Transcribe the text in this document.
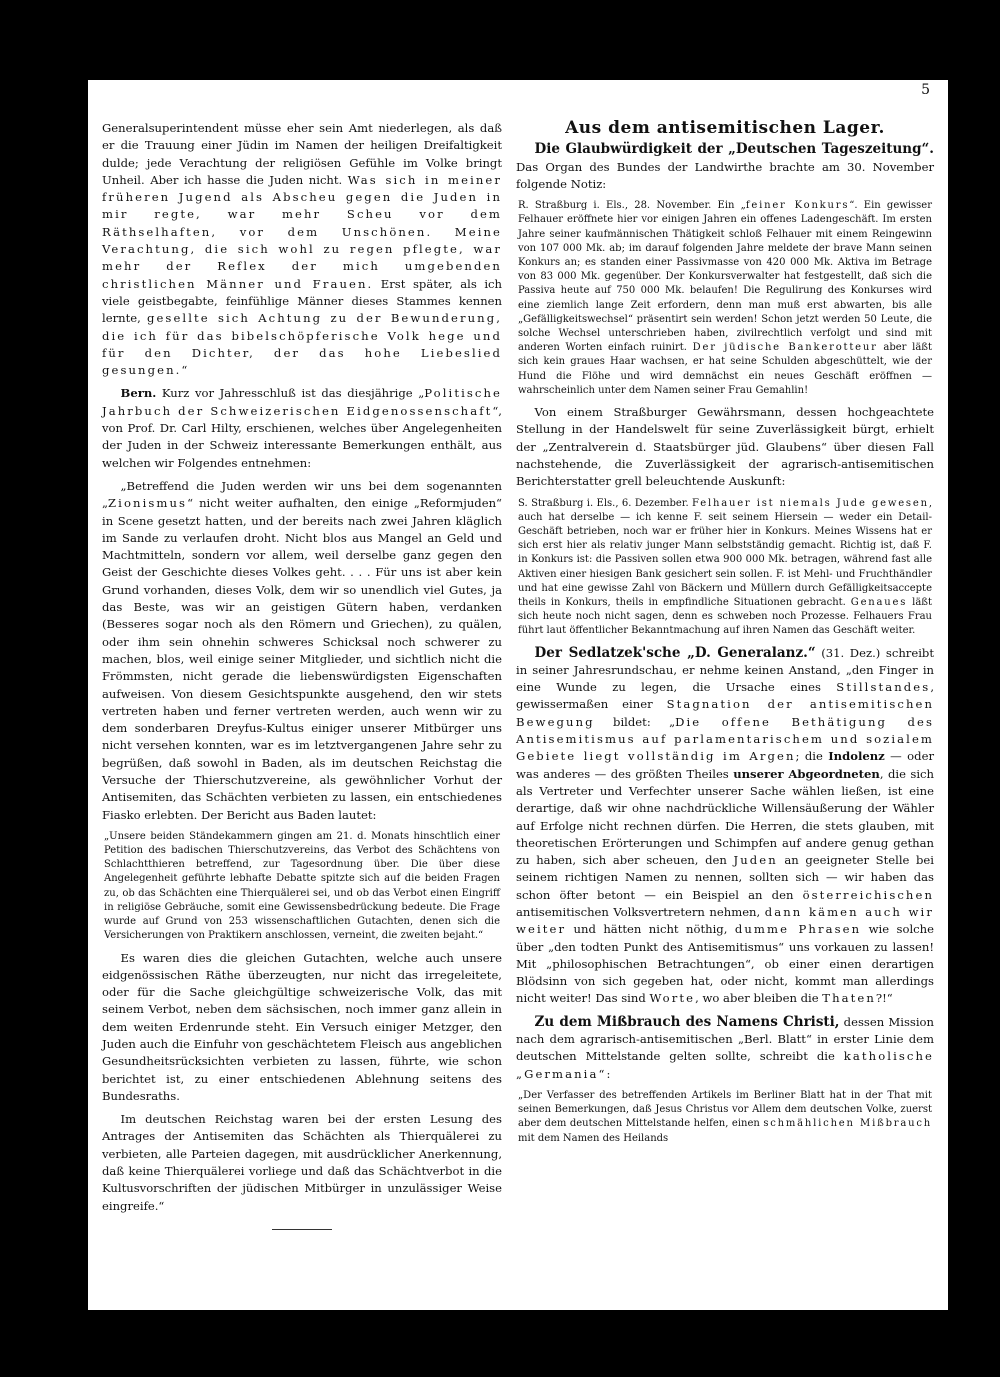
5

Generalsuperintendent müsse eher sein Amt niederlegen, als daß er die Trauung einer Jüdin im Namen der heiligen Dreifaltigkeit dulde; jede Verachtung der religiösen Gefühle im Volke bringt Unheil. Aber ich hasse die Juden nicht. Was sich in meiner früheren Jugend als Abscheu gegen die Juden in mir regte, war mehr Scheu vor dem Räthselhaften, vor dem Unschönen. Meine Verachtung, die sich wohl zu regen pflegte, war mehr der Reflex der mich umgebenden christlichen Männer und Frauen. Erst später, als ich viele geistbegabte, feinfühlige Männer dieses Stammes kennen lernte, gesellte sich Achtung zu der Bewunderung, die ich für das bibelschöpferische Volk hege und für den Dichter, der das hohe Liebeslied gesungen.“

Bern. Kurz vor Jahresschluß ist das diesjährige „Politische Jahrbuch der Schweizerischen Eidgenossenschaft“, von Prof. Dr. Carl Hilty, erschienen, welches über Angelegenheiten der Juden in der Schweiz interessante Bemerkungen enthält, aus welchen wir Folgendes entnehmen:

„Betreffend die Juden werden wir uns bei dem sogenannten „Zionismus“ nicht weiter aufhalten, den einige „Reformjuden“ in Scene gesetzt hatten, und der bereits nach zwei Jahren kläglich im Sande zu verlaufen droht. Nicht blos aus Mangel an Geld und Machtmitteln, sondern vor allem, weil derselbe ganz gegen den Geist der Geschichte dieses Volkes geht. . . . Für uns ist aber kein Grund vorhanden, dieses Volk, dem wir so unendlich viel Gutes, ja das Beste, was wir an geistigen Gütern haben, verdanken (Besseres sogar noch als den Römern und Griechen), zu quälen, oder ihm sein ohnehin schweres Schicksal noch schwerer zu machen, blos, weil einige seiner Mitglieder, und sichtlich nicht die Frömmsten, nicht gerade die liebenswürdigsten Eigenschaften aufweisen. Von diesem Gesichtspunkte ausgehend, den wir stets vertreten haben und ferner vertreten werden, auch wenn wir zu dem sonderbaren Dreyfus-Kultus einiger unserer Mitbürger uns nicht versehen konnten, war es im letztvergangenen Jahre sehr zu begrüßen, daß sowohl in Baden, als im deutschen Reichstag die Versuche der Thierschutzvereine, als gewöhnlicher Vorhut der Antisemiten, das Schächten verbieten zu lassen, ein entschiedenes Fiasko erlebten. Der Bericht aus Baden lautet:

„Unsere beiden Ständekammern gingen am 21. d. Monats hinschtlich einer Petition des badischen Thierschutzvereins, das Verbot des Schächtens von Schlachtthieren betreffend, zur Tagesordnung über. Die über diese Angelegenheit geführte lebhafte Debatte spitzte sich auf die beiden Fragen zu, ob das Schächten eine Thierquälerei sei, und ob das Verbot einen Eingriff in religiöse Gebräuche, somit eine Gewissensbedrückung bedeute. Die Frage wurde auf Grund von 253 wissenschaftlichen Gutachten, denen sich die Versicherungen von Praktikern anschlossen, verneint, die zweiten bejaht.“

Es waren dies die gleichen Gutachten, welche auch unsere eidgenössischen Räthe überzeugten, nur nicht das irregeleitete, oder für die Sache gleichgültige schweizerische Volk, das mit seinem Verbot, neben dem sächsischen, noch immer ganz allein in dem weiten Erdenrunde steht. Ein Versuch einiger Metzger, den Juden auch die Einfuhr von geschächtetem Fleisch aus angeblichen Gesundheitsrücksichten verbieten zu lassen, führte, wie schon berichtet ist, zu einer entschiedenen Ablehnung seitens des Bundesraths.

Im deutschen Reichstag waren bei der ersten Lesung des Antrages der Antisemiten das Schächten als Thierquälerei zu verbieten, alle Parteien dagegen, mit ausdrücklicher Anerkennung, daß keine Thierquälerei vorliege und daß das Schächtverbot in die Kultusvorschriften der jüdischen Mitbürger in unzulässiger Weise eingreife.“

Aus dem antisemitischen Lager.

Die Glaubwürdigkeit der „Deutschen Tageszeitung“. Das Organ des Bundes der Landwirthe brachte am 30. November folgende Notiz:

R. Straßburg i. Els., 28. November. Ein „feiner Konkurs“. Ein gewisser Felhauer eröffnete hier vor einigen Jahren ein offenes Ladengeschäft. Im ersten Jahre seiner kaufmännischen Thätigkeit schloß Felhauer mit einem Reingewinn von 107 000 Mk. ab; im darauf folgenden Jahre meldete der brave Mann seinen Konkurs an; es standen einer Passivmasse von 420 000 Mk. Aktiva im Betrage von 83 000 Mk. gegenüber. Der Konkursverwalter hat festgestellt, daß sich die Passiva heute auf 750 000 Mk. belaufen! Die Regulirung des Konkurses wird eine ziemlich lange Zeit erfordern, denn man muß erst abwarten, bis alle „Gefälligkeitswechsel“ präsentirt sein werden! Schon jetzt werden 50 Leute, die solche Wechsel unterschrieben haben, zivilrechtlich verfolgt und sind mit anderen Worten einfach ruinirt. Der jüdische Bankerotteur aber läßt sich kein graues Haar wachsen, er hat seine Schulden abgeschüttelt, wie der Hund die Flöhe und wird demnächst ein neues Geschäft eröffnen — wahrscheinlich unter dem Namen seiner Frau Gemahlin!

Von einem Straßburger Gewährsmann, dessen hochgeachtete Stellung in der Handelswelt für seine Zuverlässigkeit bürgt, erhielt der „Zentralverein d. Staatsbürger jüd. Glaubens“ über diesen Fall nachstehende, die Zuverlässigkeit der agrarisch-antisemitischen Berichterstatter grell beleuchtende Auskunft:

S. Straßburg i. Els., 6. Dezember. Felhauer ist niemals Jude gewesen, auch hat derselbe — ich kenne F. seit seinem Hiersein — weder ein Detail-Geschäft betrieben, noch war er früher hier in Konkurs. Meines Wissens hat er sich erst hier als relativ junger Mann selbstständig gemacht. Richtig ist, daß F. in Konkurs ist: die Passiven sollen etwa 900 000 Mk. betragen, während fast alle Aktiven einer hiesigen Bank gesichert sein sollen. F. ist Mehl- und Fruchthändler und hat eine gewisse Zahl von Bäckern und Müllern durch Gefälligkeitsaccepte theils in Konkurs, theils in empfindliche Situationen gebracht. Genaues läßt sich heute noch nicht sagen, denn es schweben noch Prozesse. Felhauers Frau führt laut öffentlicher Bekanntmachung auf ihren Namen das Geschäft weiter.

Der Sedlatzek'sche „D. Generalanz.“ (31. Dez.) schreibt in seiner Jahresrundschau, er nehme keinen Anstand, „den Finger in eine Wunde zu legen, die Ursache eines Stillstandes, gewissermaßen einer Stagnation der antisemitischen Bewegung bildet: „Die offene Bethätigung des Antisemitismus auf parlamentarischem und sozialem Gebiete liegt vollständig im Argen; die Indolenz — oder was anderes — des größten Theiles unserer Abgeordneten, die sich als Vertreter und Verfechter unserer Sache wählen ließen, ist eine derartige, daß wir ohne nachdrückliche Willensäußerung der Wähler auf Erfolge nicht rechnen dürfen. Die Herren, die stets glauben, mit theoretischen Erörterungen und Schimpfen auf andere genug gethan zu haben, sich aber scheuen, den Juden an geeigneter Stelle bei seinem richtigen Namen zu nennen, sollten sich — wir haben das schon öfter betont — ein Beispiel an den österreichischen antisemitischen Volksvertretern nehmen, dann kämen auch wir weiter und hätten nicht nöthig, dumme Phrasen wie solche über „den todten Punkt des Antisemitismus“ uns vorkauen zu lassen! Mit „philosophischen Betrachtungen“, ob einer einen derartigen Blödsinn von sich gegeben hat, oder nicht, kommt man allerdings nicht weiter! Das sind Worte, wo aber bleiben die Thaten?!“

Zu dem Mißbrauch des Namens Christi, dessen Mission nach dem agrarisch-antisemitischen „Berl. Blatt“ in erster Linie dem deutschen Mittelstande gelten sollte, schreibt die katholische „Germania“:

„Der Verfasser des betreffenden Artikels im Berliner Blatt hat in der That mit seinen Bemerkungen, daß Jesus Christus vor Allem dem deutschen Volke, zuerst aber dem deutschen Mittelstande helfen, einen schmählichen Mißbrauch mit dem Namen des Heilands
